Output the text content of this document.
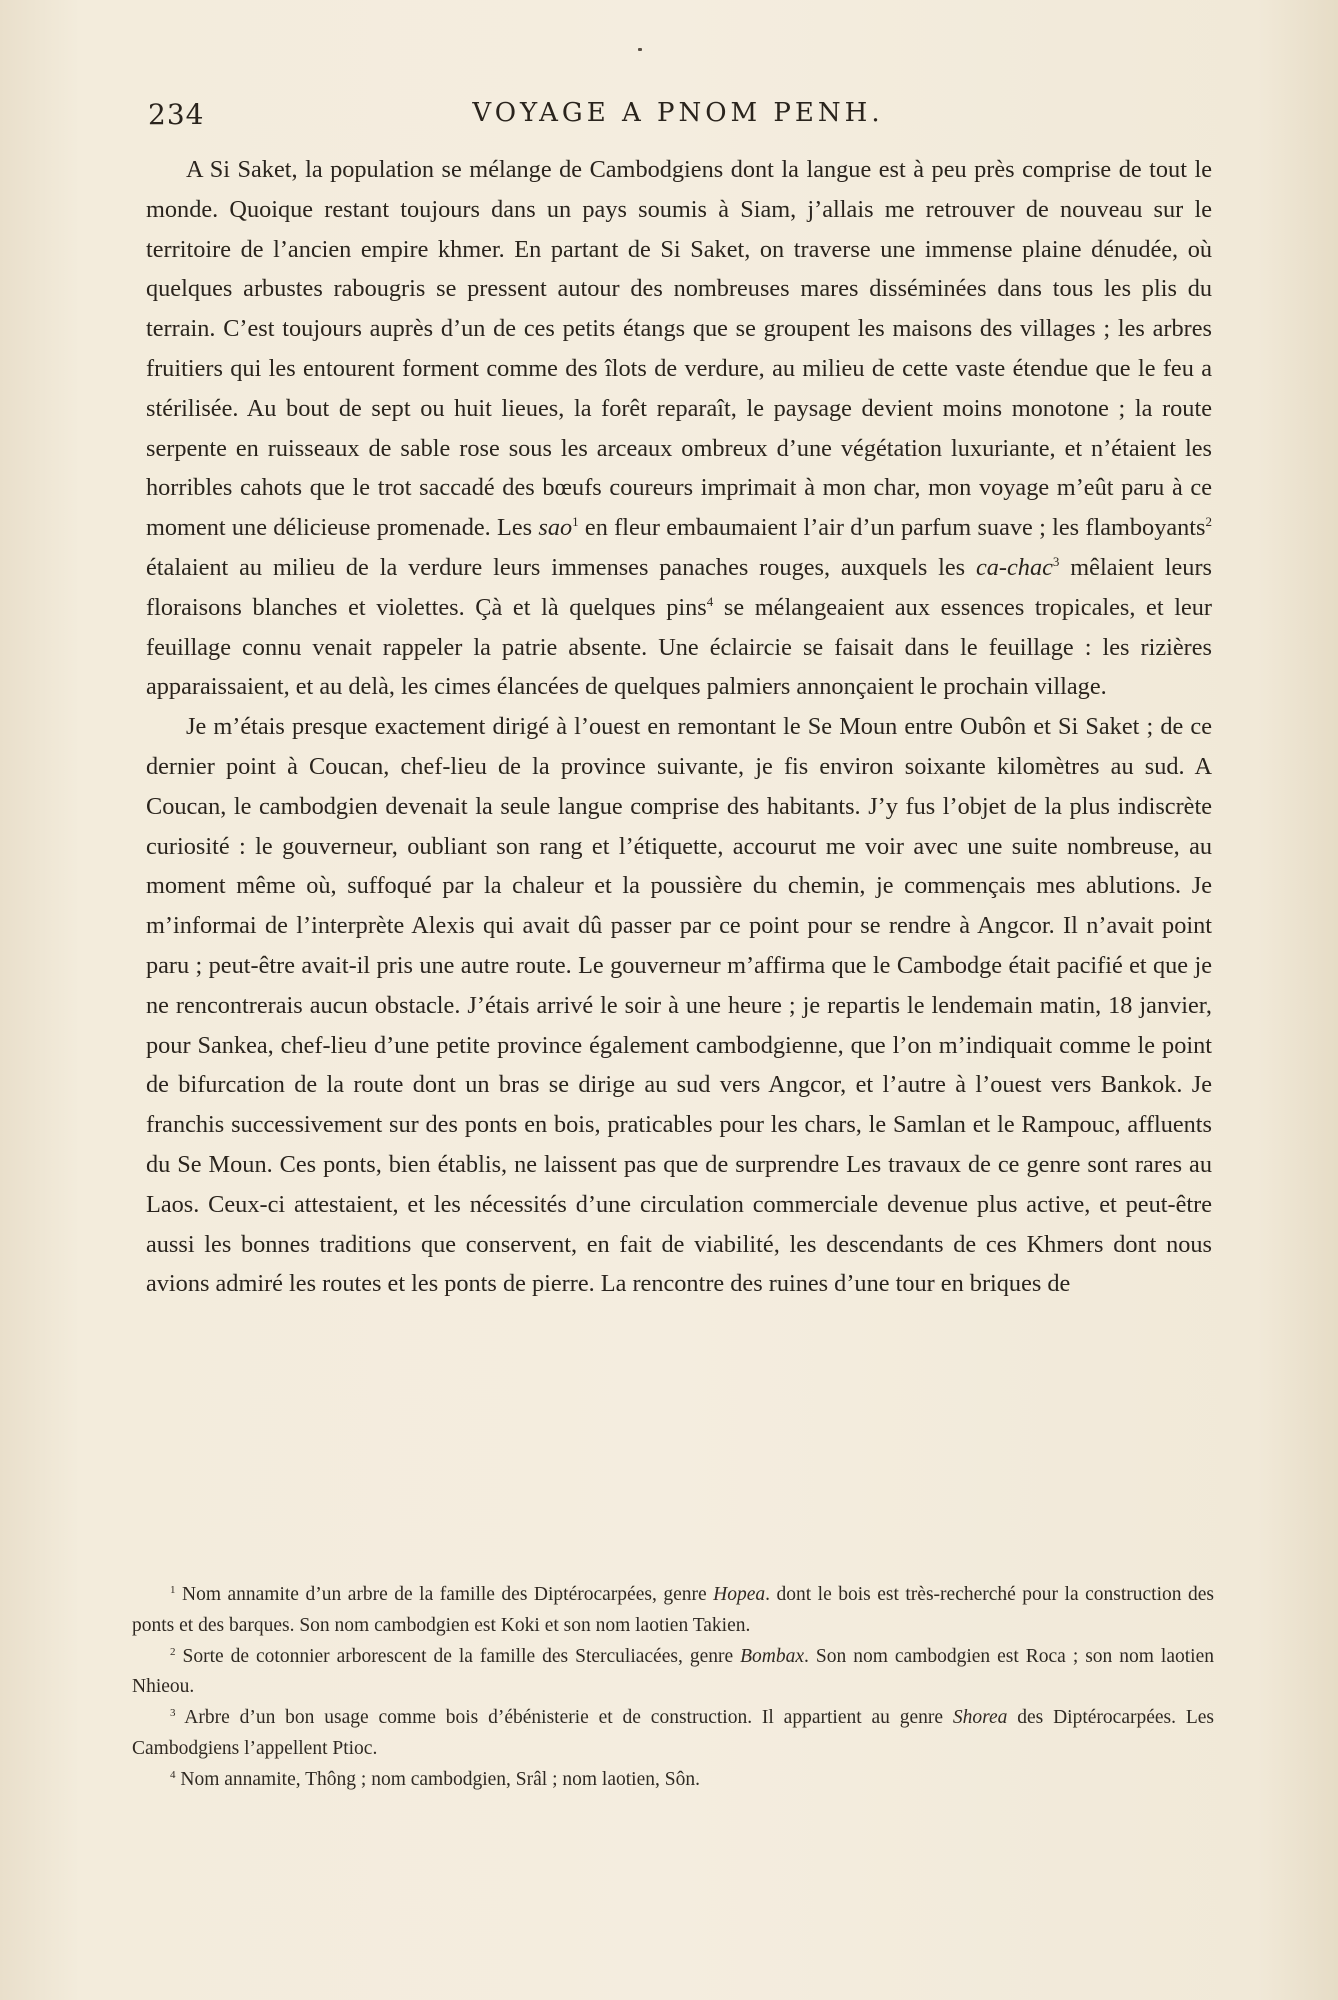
234	VOYAGE A PNOM PENH.

A Si Saket, la population se mélange de Cambodgiens dont la langue est à peu près comprise de tout le monde. Quoique restant toujours dans un pays soumis à Siam, j’allais me retrouver de nouveau sur le territoire de l’ancien empire khmer. En partant de Si Saket, on traverse une immense plaine dénudée, où quelques arbustes rabougris se pressent autour des nombreuses mares disséminées dans tous les plis du terrain. C’est toujours auprès d’un de ces petits étangs que se groupent les maisons des villages ; les arbres fruitiers qui les entourent forment comme des îlots de verdure, au milieu de cette vaste étendue que le feu a stérilisée. Au bout de sept ou huit lieues, la forêt reparaît, le paysage devient moins monotone ; la route serpente en ruisseaux de sable rose sous les arceaux ombreux d’une végétation luxuriante, et n’étaient les horribles cahots que le trot saccadé des bœufs coureurs imprimait à mon char, mon voyage m’eût paru à ce moment une délicieuse promenade. Les sao$^1$ en fleur embaumaient l’air d’un parfum suave ; les flamboyants$^2$ étalaient au milieu de la verdure leurs immenses panaches rouges, auxquels les ca-chac$^3$ mêlaient leurs floraisons blanches et violettes. Çà et là quelques pins$^4$ se mélangeaient aux essences tropicales, et leur feuillage connu venait rappeler la patrie absente. Une éclaircie se faisait dans le feuillage : les rizières apparaissaient, et au delà, les cimes élancées de quelques palmiers annonçaient le prochain village.

Je m’étais presque exactement dirigé à l’ouest en remontant le Se Moun entre Oubôn et Si Saket ; de ce dernier point à Coucan, chef-lieu de la province suivante, je fis environ soixante kilomètres au sud. A Coucan, le cambodgien devenait la seule langue comprise des habitants. J’y fus l’objet de la plus indiscrète curiosité : le gouverneur, oubliant son rang et l’étiquette, accourut me voir avec une suite nombreuse, au moment même où, suffoqué par la chaleur et la poussière du chemin, je commençais mes ablutions. Je m’informai de l’interprète Alexis qui avait dû passer par ce point pour se rendre à Angcor. Il n’avait point paru ; peut-être avait-il pris une autre route. Le gouverneur m’affirma que le Cambodge était pacifié et que je ne rencontrerais aucun obstacle. J’étais arrivé le soir à une heure ; je repartis le lendemain matin, 18 janvier, pour Sankea, chef-lieu d’une petite province également cambodgienne, que l’on m’indiquait comme le point de bifurcation de la route dont un bras se dirige au sud vers Angcor, et l’autre à l’ouest vers Bankok. Je franchis successivement sur des ponts en bois, praticables pour les chars, le Samlan et le Rampouc, affluents du Se Moun. Ces ponts, bien établis, ne laissent pas que de surprendre Les travaux de ce genre sont rares au Laos. Ceux-ci attestaient, et les nécessités d’une circulation commerciale devenue plus active, et peut-être aussi les bonnes traditions que conservent, en fait de viabilité, les descendants de ces Khmers dont nous avions admiré les routes et les ponts de pierre. La rencontre des ruines d’une tour en briques de

$^1$ Nom annamite d’un arbre de la famille des Diptérocarpées, genre Hopea. dont le bois est très-recherché pour la construction des ponts et des barques. Son nom cambodgien est Koki et son nom laotien Takien.

$^2$ Sorte de cotonnier arborescent de la famille des Sterculiacées, genre Bombax. Son nom cambodgien est Roca ; son nom laotien Nhieou.

$^3$ Arbre d’un bon usage comme bois d’ébénisterie et de construction. Il appartient au genre Shorea des Diptérocarpées. Les Cambodgiens l’appellent Ptioc.

$^4$ Nom annamite, Thông ; nom cambodgien, Srâl ; nom laotien, Sôn.
